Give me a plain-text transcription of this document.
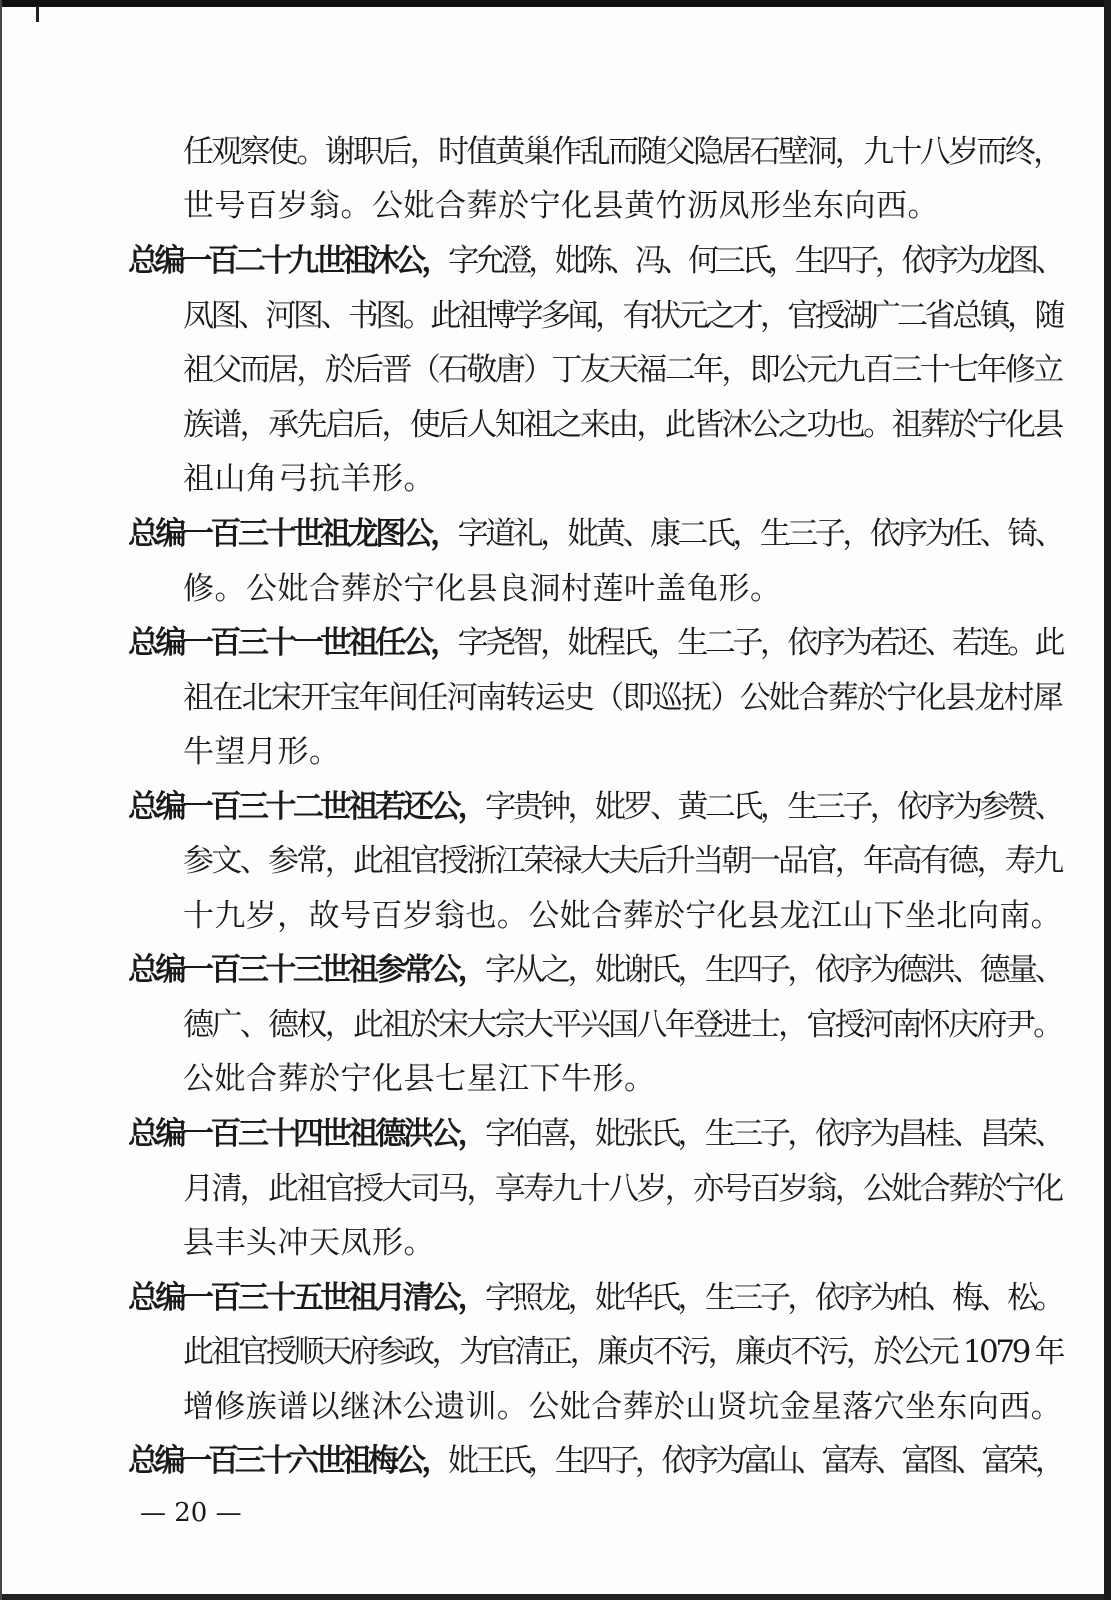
任观察使。谢职后，时值黄巢作乱而随父隐居石壁洞，九十八岁而终，
世号百岁翁。公妣合葬於宁化县黄竹沥凤形坐东向西。
总编一百二十九世祖沐公，字允澄，妣陈、冯、何三氏，生四子，依序为龙图、
凤图、河图、书图。此祖博学多闻，有状元之才，官授湖广二省总镇，随
祖父而居，於后晋（石敬唐）丁友天福二年，即公元九百三十七年修立
族谱，承先启后，使后人知祖之来由，此皆沐公之功也。祖葬於宁化县
祖山角弓抗羊形。
总编一百三十世祖龙图公，字道礼，妣黄、康二氏，生三子，依序为任、锜、
修。公妣合葬於宁化县良洞村莲叶盖龟形。
总编一百三十一世祖任公，字尧智，妣程氏，生二子，依序为若还、若连。此
祖在北宋开宝年间任河南转运史（即巡抚）公妣合葬於宁化县龙村犀
牛望月形。
总编一百三十二世祖若还公，字贵钟，妣罗、黄二氏，生三子，依序为参赞、
参文、参常，此祖官授浙江荣禄大夫后升当朝一品官，年高有德，寿九
十九岁，故号百岁翁也。公妣合葬於宁化县龙江山下坐北向南。
总编一百三十三世祖参常公，字从之，妣谢氏，生四子，依序为德洪、德量、
德广、德权，此祖於宋大宗大平兴国八年登进士，官授河南怀庆府尹。
公妣合葬於宁化县七星江下牛形。
总编一百三十四世祖德洪公，字伯喜，妣张氏，生三子，依序为昌桂、昌荣、
月清，此祖官授大司马，享寿九十八岁，亦号百岁翁，公妣合葬於宁化
县丰头冲天凤形。
总编一百三十五世祖月清公，字照龙，妣华氏，生三子，依序为柏、梅、松。
此祖官授顺天府参政，为官清正，廉贞不污，廉贞不污，於公元 1079 年
增修族谱以继沐公遗训。公妣合葬於山贤坑金星落穴坐东向西。
总编一百三十六世祖梅公，妣王氏，生四子，依序为富山、富寿、富图、富荣，
— 20 —
